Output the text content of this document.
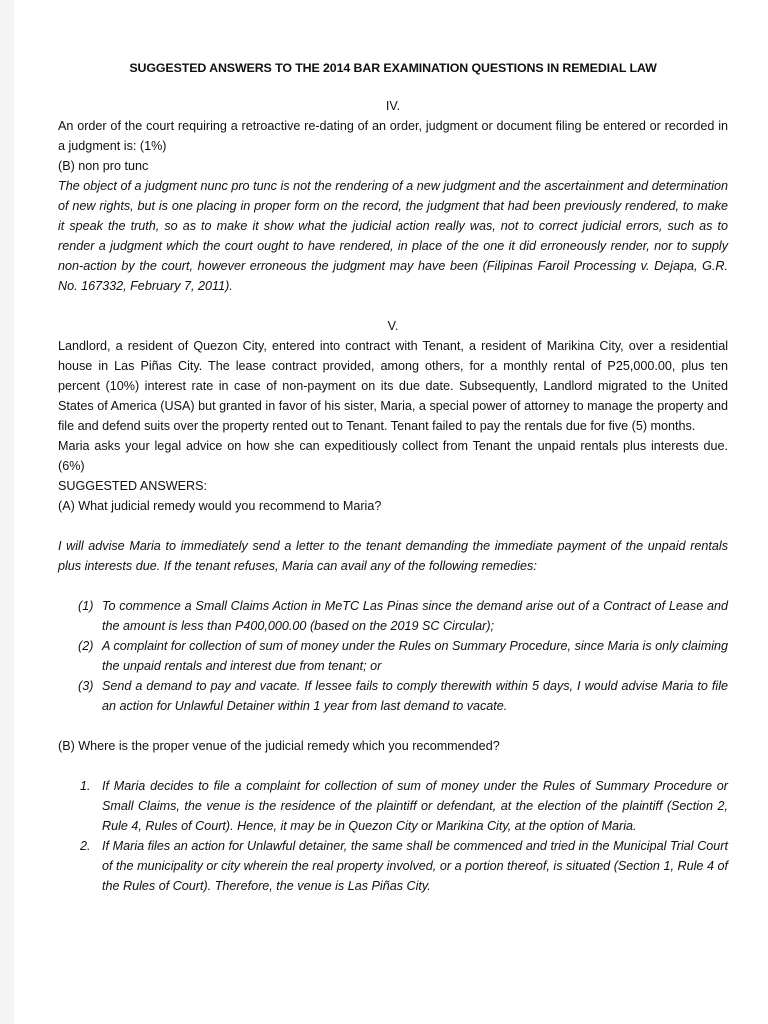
SUGGESTED ANSWERS TO THE 2014 BAR EXAMINATION QUESTIONS IN REMEDIAL LAW

IV.

An order of the court requiring a retroactive re-dating of an order, judgment or document filing be entered or recorded in a judgment is: (1%)

(B) non pro tunc

The object of a judgment nunc pro tunc is not the rendering of a new judgment and the ascertainment and determination of new rights, but is one placing in proper form on the record, the judgment that had been previously rendered, to make it speak the truth, so as to make it show what the judicial action really was, not to correct judicial errors, such as to render a judgment which the court ought to have rendered, in place of the one it did erroneously render, nor to supply non-action by the court, however erroneous the judgment may have been (Filipinas Faroil Processing v. Dejapa, G.R. No. 167332, February 7, 2011).

V.

Landlord, a resident of Quezon City, entered into contract with Tenant, a resident of Marikina City, over a residential house in Las Piñas City. The lease contract provided, among others, for a monthly rental of P25,000.00, plus ten percent (10%) interest rate in case of non-payment on its due date. Subsequently, Landlord migrated to the United States of America (USA) but granted in favor of his sister, Maria, a special power of attorney to manage the property and file and defend suits over the property rented out to Tenant. Tenant failed to pay the rentals due for five (5) months.

Maria asks your legal advice on how she can expeditiously collect from Tenant the unpaid rentals plus interests due. (6%)

SUGGESTED ANSWERS:

(A) What judicial remedy would you recommend to Maria?

I will advise Maria to immediately send a letter to the tenant demanding the immediate payment of the unpaid rentals plus interests due. If the tenant refuses, Maria can avail any of the following remedies:

(1) To commence a Small Claims Action in MeTC Las Pinas since the demand arise out of a Contract of Lease and the amount is less than P400,000.00 (based on the 2019 SC Circular);
(2) A complaint for collection of sum of money under the Rules on Summary Procedure, since Maria is only claiming the unpaid rentals and interest due from tenant; or
(3) Send a demand to pay and vacate. If lessee fails to comply therewith within 5 days, I would advise Maria to file an action for Unlawful Detainer within 1 year from last demand to vacate.

(B) Where is the proper venue of the judicial remedy which you recommended?

1. If Maria decides to file a complaint for collection of sum of money under the Rules of Summary Procedure or Small Claims, the venue is the residence of the plaintiff or defendant, at the election of the plaintiff (Section 2, Rule 4, Rules of Court). Hence, it may be in Quezon City or Marikina City, at the option of Maria.
2. If Maria files an action for Unlawful detainer, the same shall be commenced and tried in the Municipal Trial Court of the municipality or city wherein the real property involved, or a portion thereof, is situated (Section 1, Rule 4 of the Rules of Court). Therefore, the venue is Las Piñas City.
